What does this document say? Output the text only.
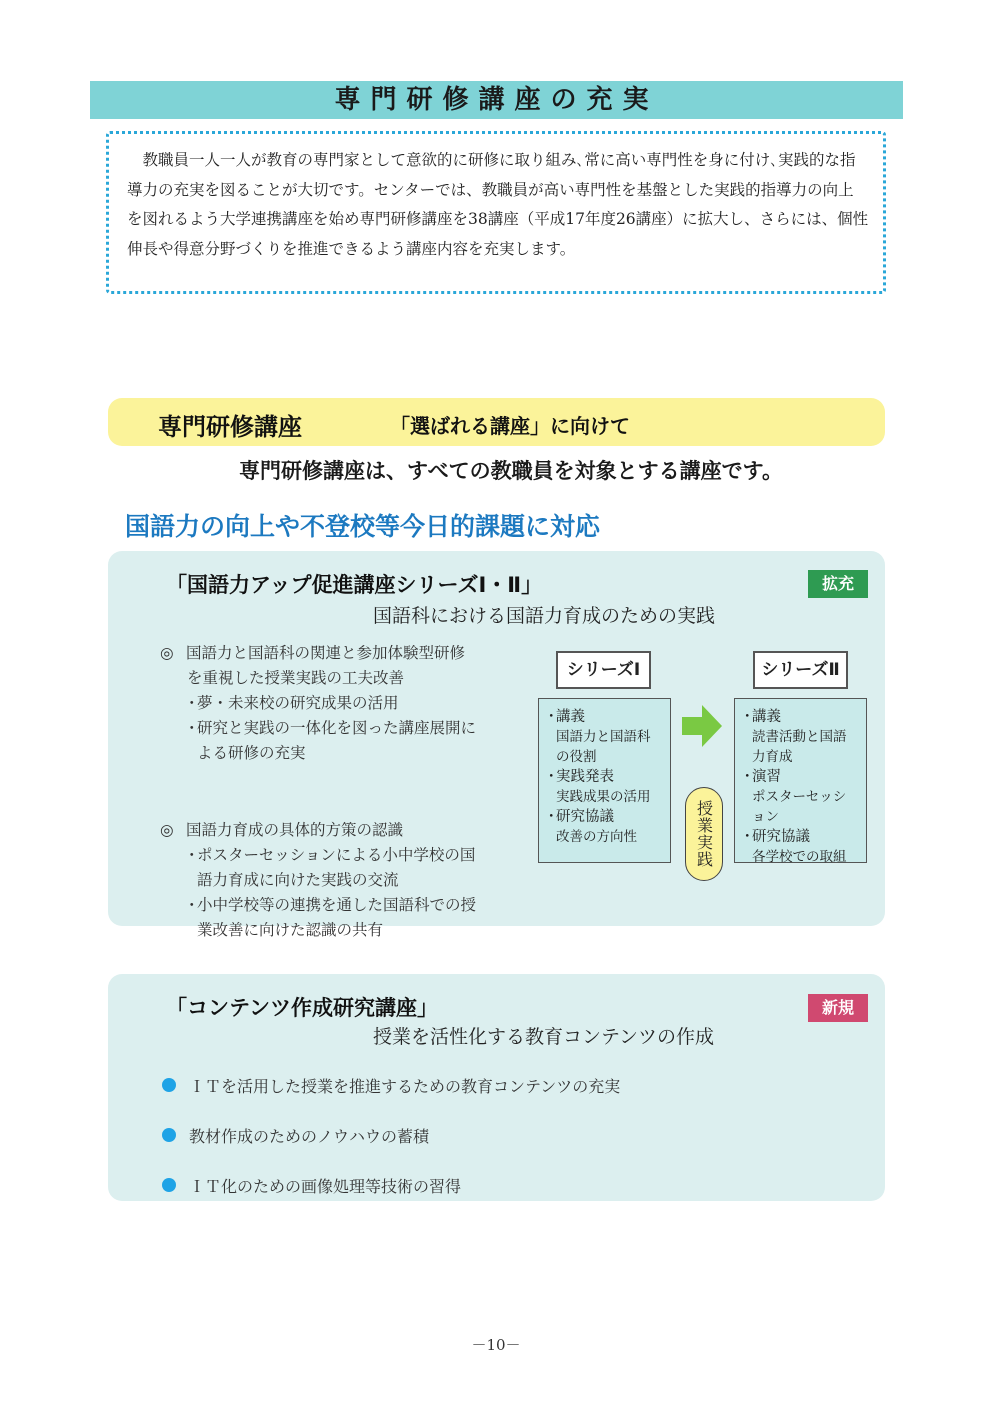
専門研修講座の充実

教職員一人一人が教育の専門家として意欲的に研修に取り組み､常に高い専門性を身に付け､実践的な指導力の充実を図ることが大切です。センターでは、教職員が高い専門性を基盤とした実践的指導力の向上を図れるよう大学連携講座を始め専門研修講座を38講座（平成17年度26講座）に拡大し、さらには、個性伸長や得意分野づくりを推進できるよう講座内容を充実します。

専門研修講座	「選ばれる講座」に向けて
専門研修講座は、すべての教職員を対象とする講座です。
国語力の向上や不登校等今日的課題に対応
「国語力アップ促進講座シリーズⅠ・Ⅱ」	拡充
国語科における国語力育成のための実践
◎ 国語力と国語科の関連と参加体験型研修
を重視した授業実践の工夫改善
・
夢・未来校の研究成果の活用
・
研究と実践の一体化を図った講座展開に
よる研修の充実
◎ 国語力育成の具体的方策の認識
・
ポスターセッションによる小中学校の国
語力育成に向けた実践の交流
・
小中学校等の連携を通した国語科での授
業改善に向けた認識の共有
シリーズⅠ
・
講義
国語力と国語科
の役割
・
実践発表
実践成果の活用
・
研究協議
改善の方向性	授業実践
シリーズⅡ
・
講義
読書活動と国語
力育成
・
演習
ポスターセッシ
ョン
・
研究協議
各学校での取組
「コンテンツ作成研究講座」	新規
授業を活性化する教育コンテンツの作成
ＩＴを活用した授業を推進するための教育コンテンツの充実
教材作成のためのノウハウの蓄積
ＩＴ化のための画像処理等技術の習得
－10－
